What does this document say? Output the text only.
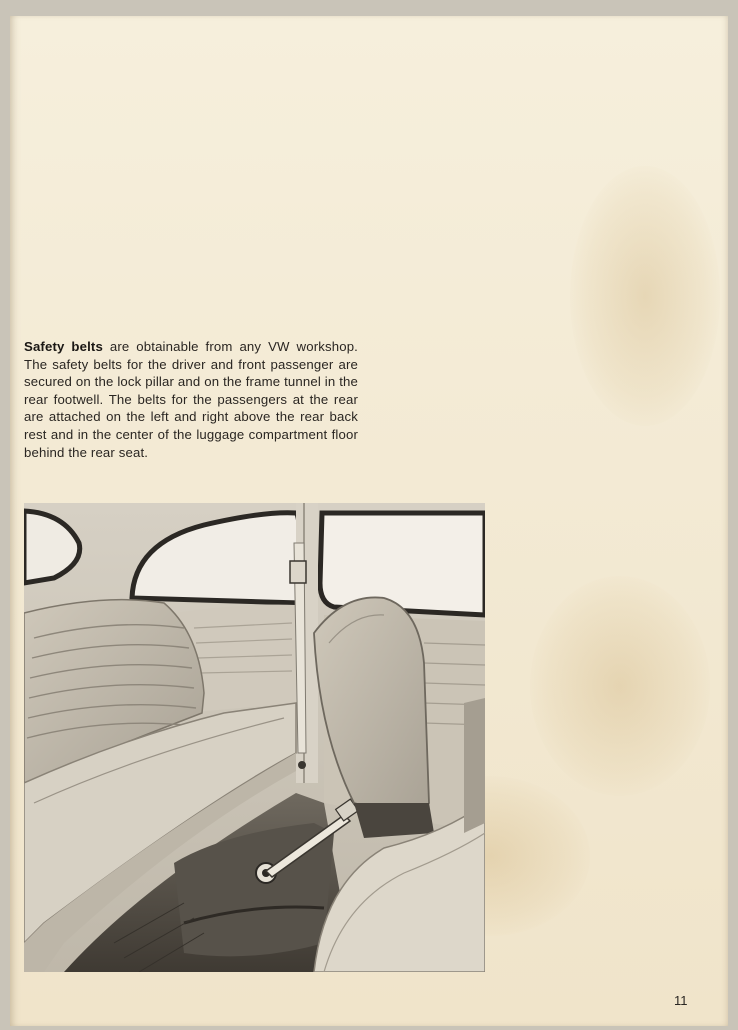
Safety belts are obtainable from any VW workshop. The safety belts for the driver and front passenger are secured on the lock pillar and on the frame tunnel in the rear footwell. The belts for the passengers at the rear are attached on the left and right above the rear back rest and in the center of the luggage compartment floor behind the rear seat.

11
